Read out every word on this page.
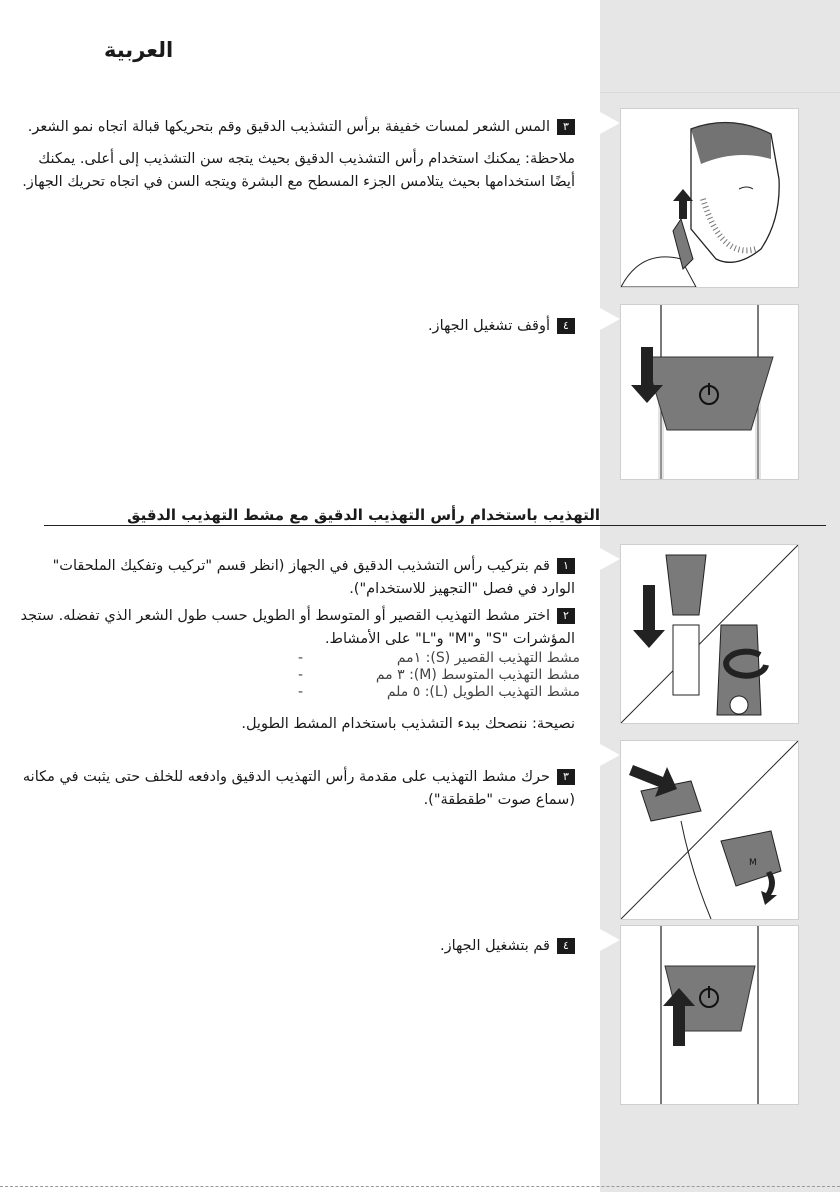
العربية
٣المس الشعر لمسات خفيفة برأس التشذيب الدقيق وقم بتحريكها قبالة اتجاه نمو الشعر.
ملاحظة: يمكنك استخدام رأس التشذيب الدقيق بحيث يتجه سن التشذيب إلى أعلى. يمكنك أيضًا استخدامها بحيث يتلامس الجزء المسطح مع البشرة ويتجه السن في اتجاه تحريك الجهاز.
٤أوقف تشغيل الجهاز.
التهذيب باستخدام رأس التهذيب الدقيق مع مشط التهذيب الدقيق
١قم بتركيب رأس التشذيب الدقيق في الجهاز (انظر قسم "تركيب وتفكيك الملحقات" الوارد في فصل "التجهيز للاستخدام").
٢اختر مشط التهذيب القصير أو المتوسط أو الطويل حسب طول الشعر الذي تفضله. ستجد المؤشرات "S" و"M" و"L" على الأمشاط.
مشط التهذيب القصير (S): ١مم
-
مشط التهذيب المتوسط (M): ٣ مم
-
مشط التهذيب الطويل (L): ٥ ملم
-
نصيحة: ننصحك ببدء التشذيب باستخدام المشط الطويل.
٣حرك مشط التهذيب على مقدمة رأس التهذيب الدقيق وادفعه للخلف حتى يثبت في مكانه (سماع صوت "طقطقة").
٤قم بتشغيل الجهاز.
M
